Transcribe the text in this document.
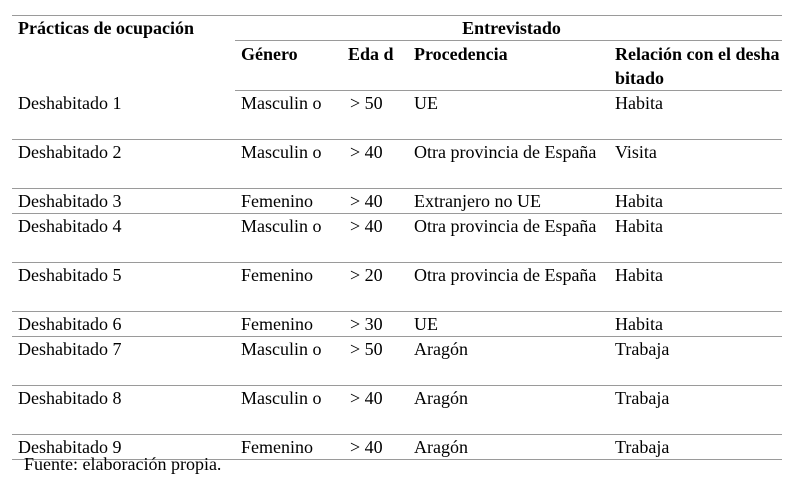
Prácticas de ocupación	Entrevistado			
	Género	Eda d	Procedencia	Relación con el deshabitado
Deshabitado 1	Masculin o	> 50	UE	Habita
Deshabitado 2	Masculin o	> 40	Otra provincia de España	Visita
Deshabitado 3	Femenino	> 40	Extranjero no UE	Habita
Deshabitado 4	Masculin o	> 40	Otra provincia de España	Habita
Deshabitado 5	Femenino	> 20	Otra provincia de España	Habita
Deshabitado 6	Femenino	> 30	UE	Habita
Deshabitado 7	Masculin o	> 50	Aragón	Trabaja
Deshabitado 8	Masculin o	> 40	Aragón	Trabaja
Deshabitado 9	Femenino	> 40	Aragón	Trabaja
Fuente: elaboración propia.
